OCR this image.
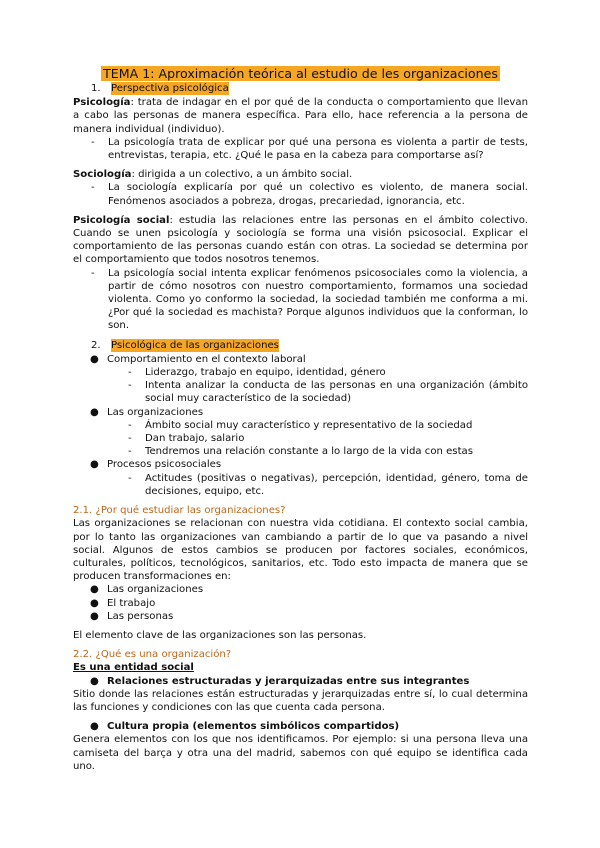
TEMA 1: Aproximación teórica al estudio de les organizaciones
1.	Perspectiva psicológica

Psicología: trata de indagar en el por qué de la conducta o comportamiento que llevan a cabo las personas de manera específica. Para ello, hace referencia a la persona de manera individual (individuo).

-	La psicología trata de explicar por qué una persona es violenta a partir de tests, entrevistas, terapia, etc. ¿Qué le pasa en la cabeza para comportarse así?

Sociología: dirigida a un colectivo, a un ámbito social.

-	La sociología explicaría por qué un colectivo es violento, de manera social. Fenómenos asociados a pobreza, drogas, precariedad, ignorancia, etc.

Psicología social: estudia las relaciones entre las personas en el ámbito colectivo. Cuando se unen psicología y sociología se forma una visión psicosocial. Explicar el comportamiento de las personas cuando están con otras. La sociedad se determina por el comportamiento que todos nosotros tenemos.

-	La psicología social intenta explicar fenómenos psicosociales como la violencia, a partir de cómo nosotros con nuestro comportamiento, formamos una sociedad violenta. Como yo conformo la sociedad, la sociedad también me conforma a mi. ¿Por qué la sociedad es machista? Porque algunos individuos que la conforman, lo son.
2.	Psicológica de las organizaciones
● Comportamiento en el contexto laboral
-	Liderazgo, trabajo en equipo, identidad, género
-	Intenta analizar la conducta de las personas en una organización (ámbito social muy característico de la sociedad)
● Las organizaciones
-	Ámbito social muy característico y representativo de la sociedad
-	Dan trabajo, salario
-	Tendremos una relación constante a lo largo de la vida con estas
● Procesos psicosociales
-	Actitudes (positivas o negativas), percepción, identidad, género, toma de decisiones, equipo, etc.
2.1. ¿Por qué estudiar las organizaciones?

Las organizaciones se relacionan con nuestra vida cotidiana. El contexto social cambia, por lo tanto las organizaciones van cambiando a partir de lo que va pasando a nivel social. Algunos de estos cambios se producen por factores sociales, económicos, culturales, políticos, tecnológicos, sanitarios, etc. Todo esto impacta de manera que se producen transformaciones en:

● Las organizaciones
● El trabajo
● Las personas

El elemento clave de las organizaciones son las personas.

2.2. ¿Qué es una organización?
Es una entidad social
● Relaciones estructuradas y jerarquizadas entre sus integrantes

Sitio donde las relaciones están estructuradas y jerarquizadas entre sí, lo cual determina las funciones y condiciones con las que cuenta cada persona.

● Cultura propia (elementos simbólicos compartidos)

Genera elementos con los que nos identificamos. Por ejemplo: si una persona lleva una camiseta del barça y otra una del madrid, sabemos con qué equipo se identifica cada uno.
